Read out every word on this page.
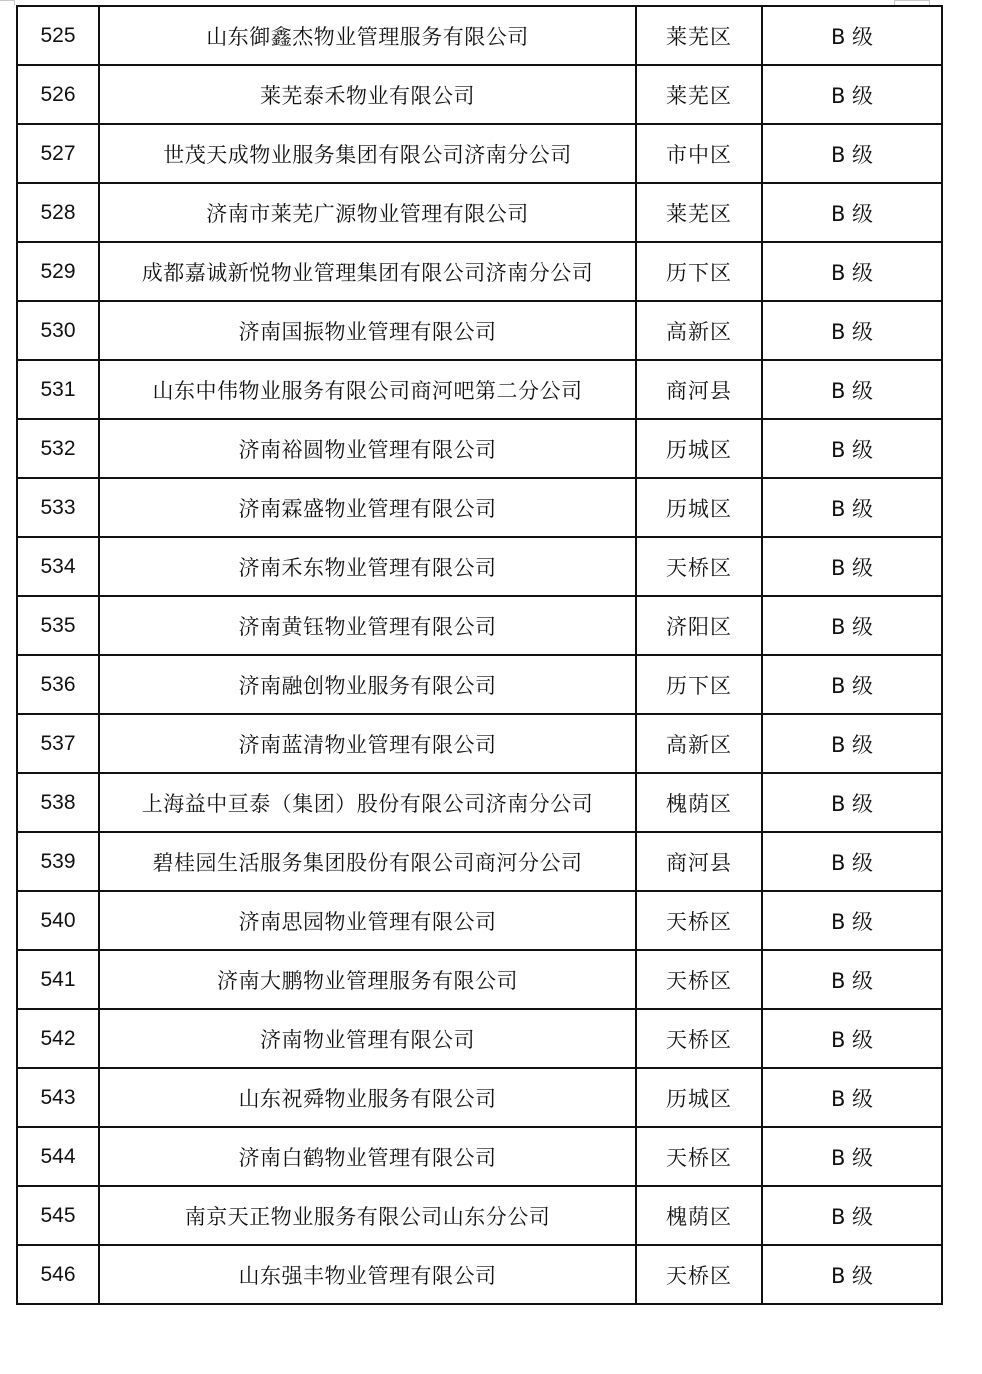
525	山东御鑫杰物业管理服务有限公司	莱芜区	B 级
526	莱芜泰禾物业有限公司	莱芜区	B 级
527	世茂天成物业服务集团有限公司济南分公司	市中区	B 级
528	济南市莱芜广源物业管理有限公司	莱芜区	B 级
529	成都嘉诚新悦物业管理集团有限公司济南分公司	历下区	B 级
530	济南国振物业管理有限公司	高新区	B 级
531	山东中伟物业服务有限公司商河吧第二分公司	商河县	B 级
532	济南裕圆物业管理有限公司	历城区	B 级
533	济南霖盛物业管理有限公司	历城区	B 级
534	济南禾东物业管理有限公司	天桥区	B 级
535	济南黄钰物业管理有限公司	济阳区	B 级
536	济南融创物业服务有限公司	历下区	B 级
537	济南蓝清物业管理有限公司	高新区	B 级
538	上海益中亘泰（集团）股份有限公司济南分公司	槐荫区	B 级
539	碧桂园生活服务集团股份有限公司商河分公司	商河县	B 级
540	济南思园物业管理有限公司	天桥区	B 级
541	济南大鹏物业管理服务有限公司	天桥区	B 级
542	济南物业管理有限公司	天桥区	B 级
543	山东祝舜物业服务有限公司	历城区	B 级
544	济南白鹤物业管理有限公司	天桥区	B 级
545	南京天正物业服务有限公司山东分公司	槐荫区	B 级
546	山东强丰物业管理有限公司	天桥区	B 级
